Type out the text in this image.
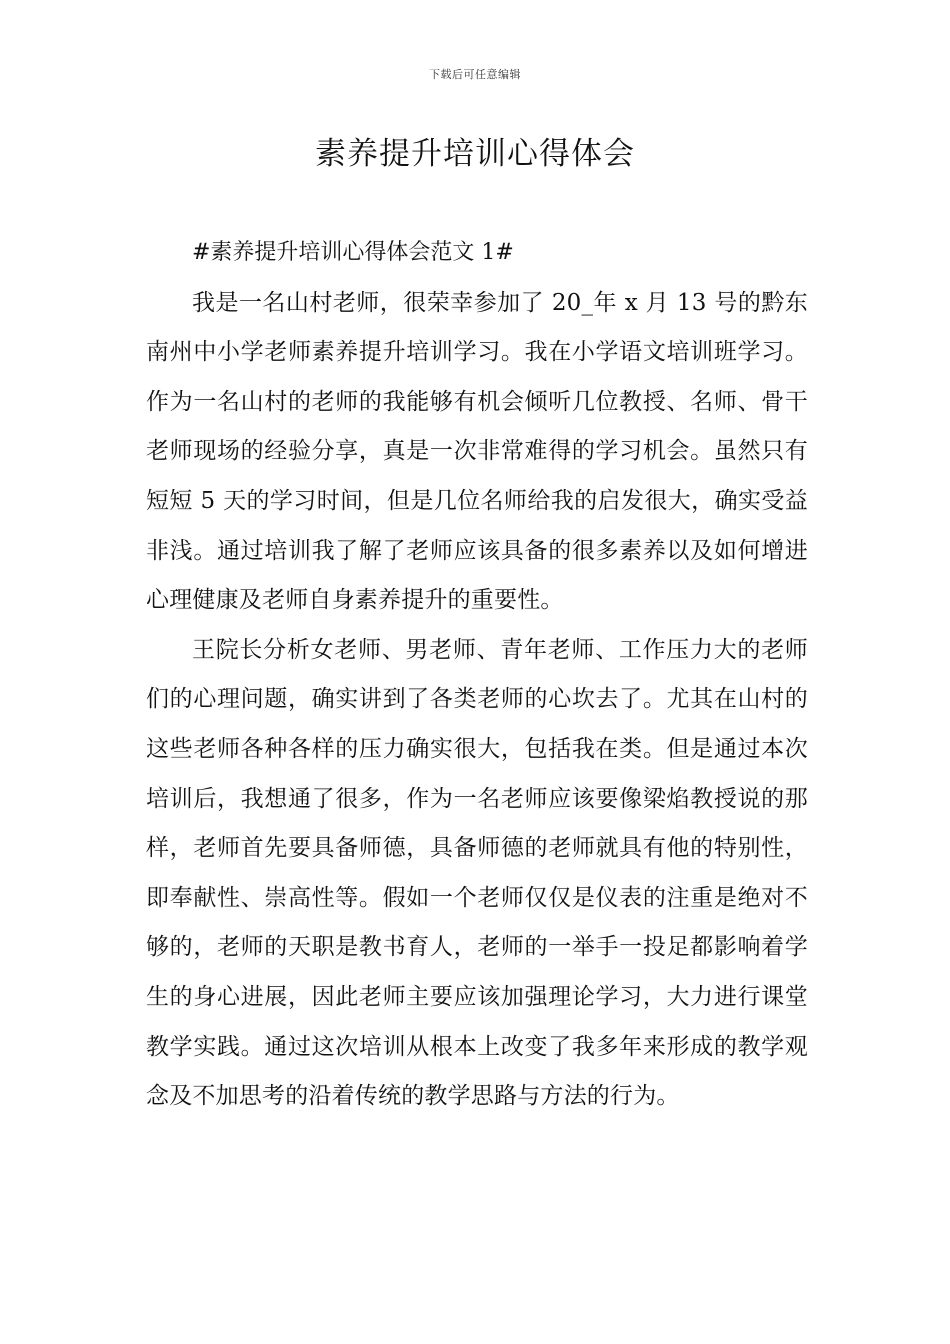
下载后可任意编辑
素养提升培训心得体会

#素养提升培训心得体会范文 1#

我是一名山村老师，很荣幸参加了 20_年 x 月 13 号的黔东南州中小学老师素养提升培训学习。我在小学语文培训班学习。作为一名山村的老师的我能够有机会倾听几位教授、名师、骨干老师现场的经验分享，真是一次非常难得的学习机会。虽然只有短短 5 天的学习时间，但是几位名师给我的启发很大，确实受益非浅。通过培训我了解了老师应该具备的很多素养以及如何增进心理健康及老师自身素养提升的重要性。

王院长分析女老师、男老师、青年老师、工作压力大的老师们的心理问题，确实讲到了各类老师的心坎去了。尤其在山村的这些老师各种各样的压力确实很大，包括我在类。但是通过本次培训后，我想通了很多，作为一名老师应该要像梁焰教授说的那样，老师首先要具备师德，具备师德的老师就具有他的特别性，即奉献性、崇高性等。假如一个老师仅仅是仪表的注重是绝对不够的，老师的天职是教书育人，老师的一举手一投足都影响着学生的身心进展，因此老师主要应该加强理论学习，大力进行课堂教学实践。通过这次培训从根本上改变了我多年来形成的教学观念及不加思考的沿着传统的教学思路与方法的行为。
